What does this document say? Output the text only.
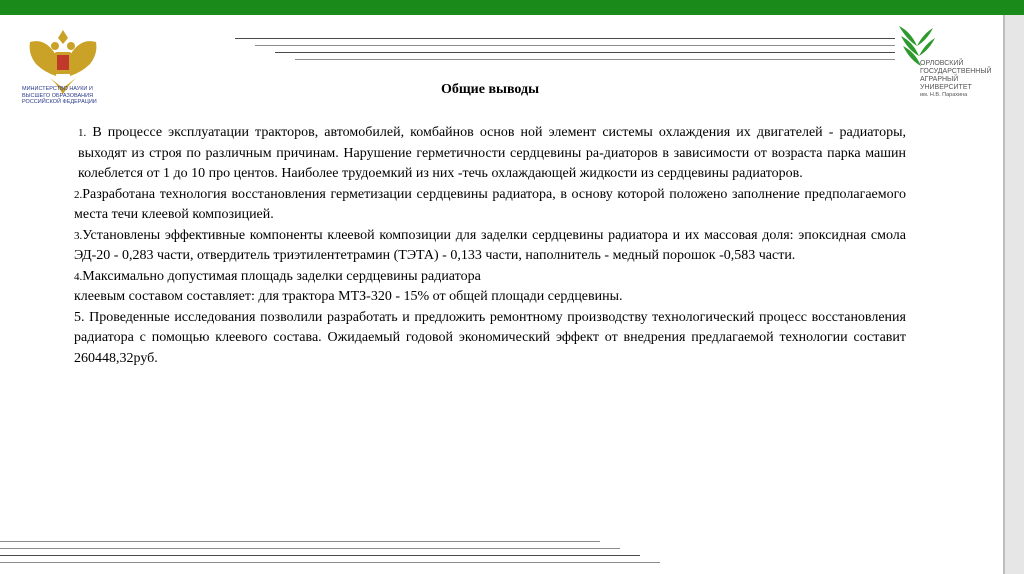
МИНИСТЕРСТВО НАУКИ И ВЫСШЕГО ОБРАЗОВАНИЯ РОССИЙСКОЙ ФЕДЕРАЦИИ
ОРЛОВСКИЙ ГОСУДАРСТВЕННЫЙ АГРАРНЫЙ УНИВЕРСИТЕТ
им. Н.В. Парахина
Общие выводы

1. В процессе эксплуатации тракторов, автомобилей, комбайнов основ ной элемент системы охлаждения их двигателей - радиаторы, выходят из строя по различным причинам. Нарушение герметичности сердцевины ра-диаторов в зависимости от возраста парка машин колеблется от 1 до 10 про центов. Наиболее трудоемкий из них -течь охлаждающей жидкости из сердцевины радиаторов.

2.Разработана технология восстановления герметизации сердцевины радиатора, в основу которой положено заполнение предполагаемого места течи клеевой композицией.

3.Установлены эффективные компоненты клеевой композиции для заделки сердцевины радиатора и их массовая доля: эпоксидная смола ЭД-20 - 0,283 части, отвердитель триэтилентетрамин (ТЭТА) - 0,133 части, наполнитель - медный порошок -0,583 части.

4.Максимально допустимая площадь заделки сердцевины радиатора

клеевым составом составляет: для трактора МТЗ-320 - 15% от общей площади сердцевины.

5. Проведенные исследования позволили разработать и предложить ремонтному производству технологический процесс восстановления радиатора с помощью клеевого состава. Ожидаемый годовой экономический эффект от внедрения предлагаемой технологии составит 260448,32руб.
